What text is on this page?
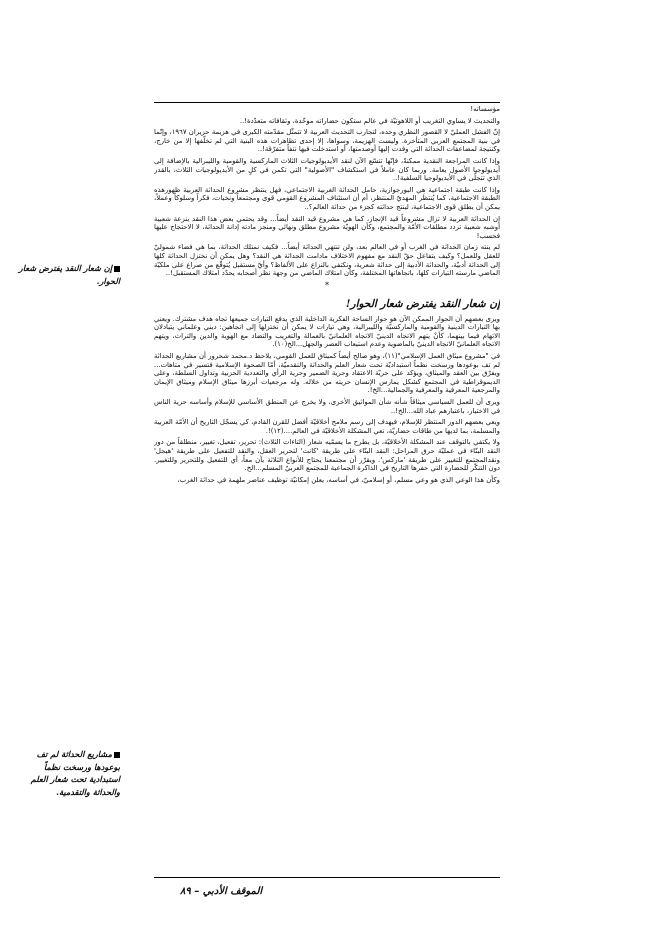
مؤسساته!

والتحديث لا يساوي التغريب أو اللاهوتيّة في عالم ستكون حضاراته موحّدة، وثقافاته متعدّدة!..

إنّ الفشل العمليّ لا القصور النظري وحده، لتجارب التحديث العربية لا تتمثّل مقدّمته الكبرى في هزيمة حزيران ١٩٦٧، وإنّما في بنية المجتمع العربي المتأخرة. وليست الهزيمة، وسواها، إلا إحدى تظاهرات هذه البنية التي لم تخلّفها إلا من خارج، وكنتيجة لمضاعفات الحداثة التي وفدت إليها أوصدمتها، أو استدخلت فيها نتفاً متفرّقة!..

وإذا كانت المراجعة النقدية ممكنةً، فإنّها تتسّع الآن لنقد الأيديولوجيات الثلاث الماركسية والقومية والليبرالية بالإضافة إلى أيديولوجيا الأصول بعامة. وربما كان عاملاً في استكشاف "الأصولية" التي تكمن في كلٍ من الأيديولوجيات الثلاث، بالقدر الذي تتجلّى في الأيديولوجيا السلفية!..

وإذا كانت طبقة اجتماعية هي البورجوازية، حامل الحداثة الغربية الاجتماعي، فهل ينتظر مشروع الحداثة العربية ظهورهذه الطبقة الاجتماعية، كما يُنتظَر المهديّ المنتظر، أم أن استئناف المشروع القومي قوى ومجتمعاً ونخبات، فكراً وسلوكاً وعملاً، يمكن أن يطلق قوى الاجتماعية، لينتج حداثته كجزء من حداثة العالم؟..

إن الحداثة العربية لا تزال مشروعاً قيد الإنجاز، كما هي مشروع قيد النقد أيضاً... وقد يحتمي بعض هذا النقد بنزعة شعبية أوشبه شعبية تردد مطلقات الأمّة والمجتمع، وكأن الهويّة مشروع مطلق ونهائي ومنجز مادته إدانة الحداثة، لا الاحتجاج عليها فحسب!

لم ينته زمان الحداثة في الغرب أو في العالم بعد، ولن تنتهي الحداثة أيضاً... فكيف نمتلك الحداثة، بما هي فضاء شموليّ للعقل وللعمل؟ وكيف يتفاعل حقّ النقد مع مفهوم الاختلاف مادامت الحداثة هي النقد؟ وهل يمكن أن نختزل الحداثة كلها إلى الحداثة أدبيّة، والحداثة الأدبية إلى حداثة شعرية، ونكتفي بالنزاع على الألفاظ؟ وأيّ مستقبل يُتوقّع من صراع على ملكيّة الماضي مارسته التيارات كلها، باتجاهاتها المختلفة، وكأن امتلاك الماضي من وجهة نظر أصحابه يحدّد امتلاك المستقبل!..

*
إن شعار النقد يفترض شعار الحوار!

ويرى بعضهم أن الحوار الممكن الآن هو حوار الساحة الفكرية الداخلية الذي يدفع التيارات جميعها تجاه هدف مشترك. ويعني بها التيارات الدينية والقومية والماركسيّة والليبرالية، وهي تيارات لا يمكن أن نختزلها إلى اتجاهين: ديني وعلماني يتبادلان الاتهام فيما بينهما، كأنْ يتهم الاتجاه الدينيّ الاتجاه العلمانيّ بالعمالة والتغريب والتضاد مع الهوية والدين والتراث، ويتهم الاتجاه العلمانيّ الاتجاه الدينيّ بالماضوية وعدم استيعاب العصر والجهل...الخ(١٠).

في "مشروع ميثاق العمل الإسلامي"(١١)، وهو صالح أيضاً كميثاق للعمل القومي، يلاحظ د.محمد شحرور أن مشاريع الحداثة لم تف بوعودها ورسخت نظماً استبداديّة تحت شعار العلم والحداثة والتقدميّة، أمّا الصحوة الإسلامية فتسير في متاهات... ويفرّق بين العقد والميثاق، ويؤكد على حريّة الاعتقاد وحرية الضمير وحرية الرأي والتعددية الحزبية وتداول السلطة، وعلى الديموقراطية في المجتمع كشكل يمارس الإنسان حريته من خلاله. وله مرجعيات أبرزها ميثاق الإسلام وميثاق الإيمان والمرجعية المعرفية والمعرفية والجمالية...الخ!.

ويرى أن للعمل السياسي ميثاقاً شأنه شأن المواثيق الأخرى، ولا يخرج عن المنطق الأساسي للإسلام وأساسه حرية الناس في الاختيار، باعتبارهم عباد الله...الخ!..

ويعي بعضهم الدور المنتظر للإسلام، فيهدف إلى رسم ملامح أخلاقيّة أفضل للقرن القادم، كي يسجّل التاريخ أن الأمّة العربية والمسلمة، بما لديها من طاقات حضاريّة، تعي المشكلة الأخلاقيّة في العالم....(١٢)!.

ولا يكتفي بالتوقف عند المشكلة الأخلاقيّة، بل يطرح ما يسمّيه شعار (التاءات الثلاث): تحرير، تفعيل، تغيير، منطلقاً من دور النقد البنّاء في عمليّة حرق المراحل: النقد البنّاء على طريقة 'كانت' لتحرير العقل، والنقد للتفعيل على طريقة 'هيجل' ونقدالمجتمع للتغيير على طريقة 'ماركس'. ويقرّر أن مجتمعنا يحتاج للأنواع الثلاثة بآن معاً، أي للتفعيل وللتحرير وللتغيير. دون التنكّر للحضارة التي حفرها التاريخ في الذاكرة الجماعية للمجتمع العربيّ المسلم...الخ.

وكأن هذا الوعي الذي هو وعي مسلم، أو إسلاميّ، في أساسه، يعلن إمكانيّة توظيف عناصر ملهمة في حداثة الغرب،

إن شعار النقد يفترض شعار الحوار.
مشاريع الحداثة لم تف بوعودها ورسخت نظماً استبدادية تحت شعار العلم والحداثة والتقدمية.
الموقف الأدبي – ٨٩
